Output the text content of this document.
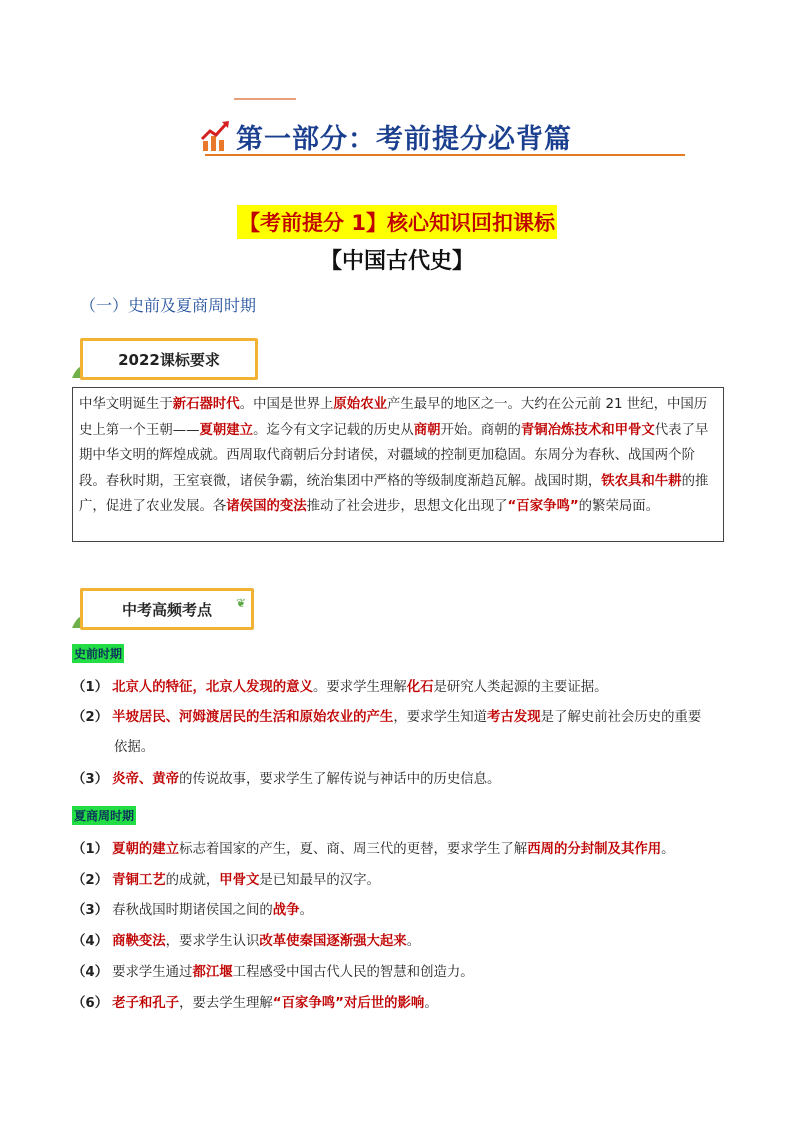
第一部分：考前提分必背篇
【考前提分 1】核心知识回扣课标
【中国古代史】
（一）史前及夏商周时期
2022课标要求
中华文明诞生于新石器时代。中国是世界上原始农业产生最早的地区之一。大约在公元前 21 世纪，中国历史上第一个王朝——夏朝建立。迄今有文字记载的历史从商朝开始。商朝的青铜冶炼技术和甲骨文代表了早期中华文明的辉煌成就。西周取代商朝后分封诸侯，对疆域的控制更加稳固。东周分为春秋、战国两个阶段。春秋时期，王室衰微，诸侯争霸，统治集团中严格的等级制度渐趋瓦解。战国时期，铁农具和牛耕的推广，促进了农业发展。各诸侯国的变法推动了社会进步，思想文化出现了“百家争鸣”的繁荣局面。
中考高频考点 ❦
史前时期
夏商周时期
（1） 北京人的特征，北京人发现的意义。要求学生理解化石是研究人类起源的主要证据。
（2） 半坡居民、河姆渡居民的生活和原始农业的产生，要求学生知道考古发现是了解史前社会历史的重要
依据。
（3） 炎帝、黄帝的传说故事，要求学生了解传说与神话中的历史信息。
（1） 夏朝的建立标志着国家的产生，夏、商、周三代的更替，要求学生了解西周的分封制及其作用。
（2） 青铜工艺的成就，甲骨文是已知最早的汉字。
（3） 春秋战国时期诸侯国之间的战争。
（4） 商鞅变法，要求学生认识改革使秦国逐渐强大起来。
（4） 要求学生通过都江堰工程感受中国古代人民的智慧和创造力。
（6） 老子和孔子，要去学生理解“百家争鸣”对后世的影响。
